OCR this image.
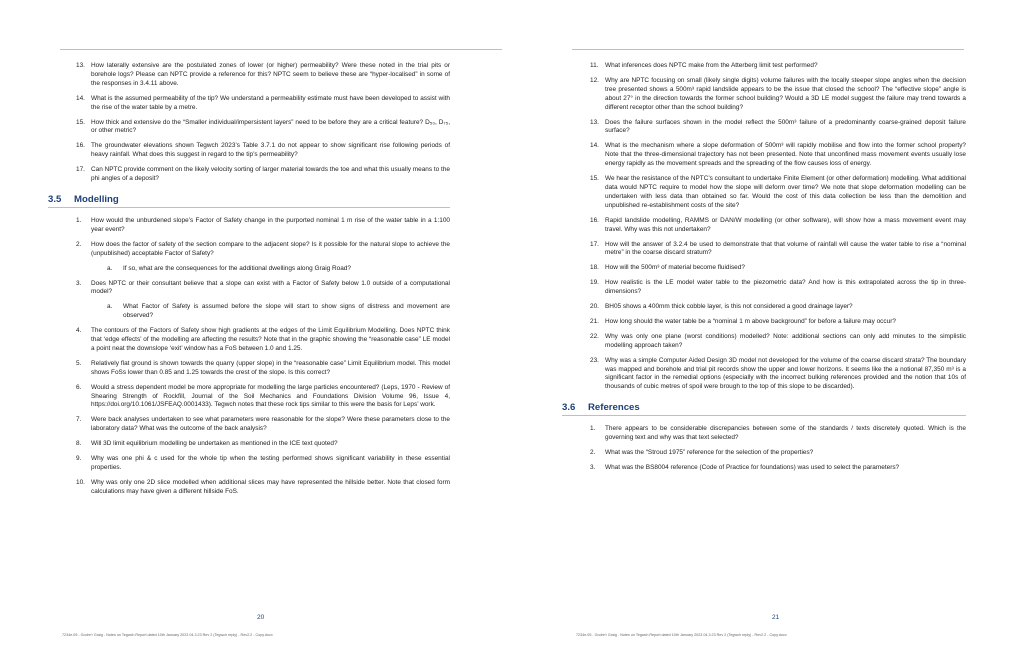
13. How laterally extensive are the postulated zones of lower (or higher) permeability? Were these noted in the trial pits or borehole logs? Please can NPTC provide a reference for this? NPTC seem to believe these are “hyper-localised” in some of the responses in 3.4.11 above.

14. What is the assumed permeability of the tip? We understand a permeability estimate must have been developed to assist with the rise of the water table by a metre.

15. How thick and extensive do the “Smaller individual/impersistent layers” need to be before they are a critical feature? D₅₀, D₇₅, or other metric?

16. The groundwater elevations shown Tegwch 2023’s Table 3.7.1 do not appear to show significant rise following periods of heavy rainfall. What does this suggest in regard to the tip’s permeability?

17. Can NPTC provide comment on the likely velocity sorting of larger material towards the toe and what this usually means to the phi angles of a deposit?

3.5 Modelling
1. How would the unburdened slope’s Factor of Safety change in the purported nominal 1 m rise of the water table in a 1:100 year event?

2. How does the factor of safety of the section compare to the adjacent slope? Is it possible for the natural slope to achieve the (unpublished) acceptable Factor of Safety?

a. If so, what are the consequences for the additional dwellings along Graig Road?

3. Does NPTC or their consultant believe that a slope can exist with a Factor of Safety below 1.0 outside of a computational model?

a. What Factor of Safety is assumed before the slope will start to show signs of distress and movement are observed?

4. The contours of the Factors of Safety show high gradients at the edges of the Limit Equilibrium Modelling. Does NPTC think that ‘edge effects’ of the modelling are affecting the results? Note that in the graphic showing the “reasonable case” LE model a point neat the downslope ‘exit’ window has a FoS between 1.0 and 1.25.

5. Relatively flat ground is shown towards the quarry (upper slope) in the “reasonable case” Limit Equilibrium model. This model shows FoSs lower than 0.85 and 1.25 towards the crest of the slope. Is this correct?

6. Would a stress dependent model be more appropriate for modelling the large particles encountered? (Leps, 1970 - Review of Shearing Strength of Rockfill, Journal of the Soil Mechanics and Foundations Division Volume 96, Issue 4, https://doi.org/10.1061/JSFEAQ.0001433). Tegwch notes that these rock tips similar to this were the basis for Leps’ work.

7. Were back analyses undertaken to see what parameters were reasonable for the slope? Were these parameters close to the laboratory data? What was the outcome of the back analysis?

8. Will 3D limit equilibrium modelling be undertaken as mentioned in the ICE text quoted?

9. Why was one phi & c used for the whole tip when the testing performed shows significant variability in these essential properties.

10. Why was only one 2D slice modelled when additional slices may have represented the hillside better. Note that closed form calculations may have given a different hillside FoS.

20
7234e.05 - Godre'r Graig - Notes on Tegwch Report dated 10th January 2023 04.3.23 Rev 2 (Tegwch reply) - Rev2.2 - Copy.docx
11. What inferences does NPTC make from the Atterberg limit test performed?

12. Why are NPTC focusing on small (likely single digits) volume failures with the locally steeper slope angles when the decision tree presented shows a 500m³ rapid landslide appears to be the issue that closed the school? The “effective slope” angle is about 27° in the direction towards the former school building? Would a 3D LE model suggest the failure may trend towards a different receptor other than the school building?

13. Does the failure surfaces shown in the model reflect the 500m³ failure of a predominantly coarse-grained deposit failure surface?

14. What is the mechanism where a slope deformation of 500m³ will rapidly mobilise and flow into the former school property? Note that the three-dimensional trajectory has not been presented. Note that unconfined mass movement events usually lose energy rapidly as the movement spreads and the spreading of the flow causes loss of energy.

15. We hear the resistance of the NPTC’s consultant to undertake Finite Element (or other deformation) modelling. What additional data would NPTC require to model how the slope will deform over time? We note that slope deformation modelling can be undertaken with less data than obtained so far. Would the cost of this data collection be less than the demolition and unpublished re-establishment costs of the site?

16. Rapid landslide modelling, RAMMS or DAN/W modelling (or other software), will show how a mass movement event may travel. Why was this not undertaken?

17. How will the answer of 3.2.4 be used to demonstrate that that volume of rainfall will cause the water table to rise a “nominal metre” in the coarse discard stratum?

18. How will the 500m³ of material become fluidised?

19. How realistic is the LE model water table to the piezometric data? And how is this extrapolated across the tip in three-dimensions?

20. BH05 shows a 400mm thick cobble layer, is this not considered a good drainage layer?

21. How long should the water table be a “nominal 1 m above background” for before a failure may occur?

22. Why was only one plane (worst conditions) modelled? Note: additional sections can only add minutes to the simplistic modelling approach taken?

23. Why was a simple Computer Aided Design 3D model not developed for the volume of the coarse discard strata? The boundary was mapped and borehole and trial pit records show the upper and lower horizons. It seems like the a notional 87,350 m³ is a significant factor in the remedial options (especially with the incorrect bulking references provided and the notion that 10s of thousands of cubic metres of spoil were brough to the top of this slope to be discarded).

3.6 References
1. There appears to be considerable discrepancies between some of the standards / texts discretely quoted. Which is the governing text and why was that text selected?

2. What was the “Stroud 1975” reference for the selection of the properties?

3. What was the BS8004 reference (Code of Practice for foundations) was used to select the parameters?

21
7234e.05 - Godre'r Graig - Notes on Tegwch Report dated 10th January 2023 04.3.23 Rev 2 (Tegwch reply) - Rev2.2 - Copy.docx
